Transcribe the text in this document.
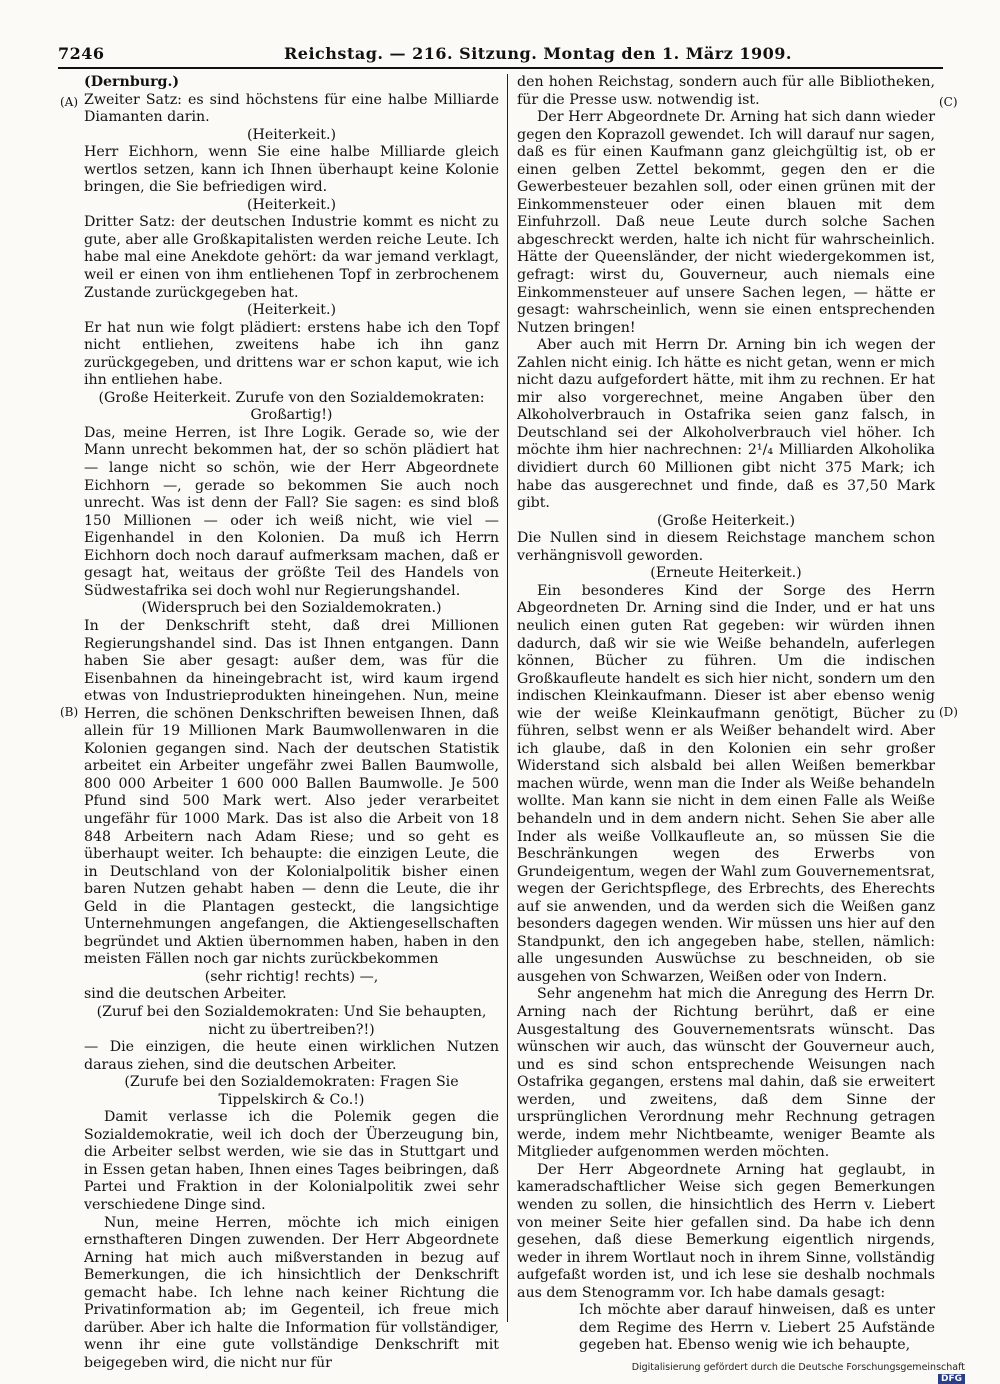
7246	Reichstag. — 216. Sitzung. Montag den 1. März 1909.
(A)
(B)
(C)
(D)

(Dernburg.)

Zweiter Satz: es sind höchstens für eine halbe Milliarde Diamanten darin.

(Heiterkeit.)

Herr Eichhorn, wenn Sie eine halbe Milliarde gleich wertlos setzen, kann ich Ihnen überhaupt keine Kolonie bringen, die Sie befriedigen wird.

(Heiterkeit.)

Dritter Satz: der deutschen Industrie kommt es nicht zu gute, aber alle Großkapitalisten werden reiche Leute. Ich habe mal eine Anekdote gehört: da war jemand verklagt, weil er einen von ihm entliehenen Topf in zerbrochenem Zustande zurückgegeben hat.

(Heiterkeit.)

Er hat nun wie folgt plädiert: erstens habe ich den Topf nicht entliehen, zweitens habe ich ihn ganz zurückgegeben, und drittens war er schon kaput, wie ich ihn entliehen habe.

(Große Heiterkeit. Zurufe von den Sozialdemokraten: Großartig!)

Das, meine Herren, ist Ihre Logik. Gerade so, wie der Mann unrecht bekommen hat, der so schön plädiert hat — lange nicht so schön, wie der Herr Abgeordnete Eichhorn —, gerade so bekommen Sie auch noch unrecht. Was ist denn der Fall? Sie sagen: es sind bloß 150 Millionen — oder ich weiß nicht, wie viel — Eigenhandel in den Kolonien. Da muß ich Herrn Eichhorn doch noch darauf aufmerksam machen, daß er gesagt hat, weitaus der größte Teil des Handels von Südwestafrika sei doch wohl nur Regierungshandel.

(Widerspruch bei den Sozialdemokraten.)

In der Denkschrift steht, daß drei Millionen Regierungshandel sind. Das ist Ihnen entgangen. Dann haben Sie aber gesagt: außer dem, was für die Eisenbahnen da hineingebracht ist, wird kaum irgend etwas von Industrieprodukten hineingehen. Nun, meine Herren, die schönen Denkschriften beweisen Ihnen, daß allein für 19 Millionen Mark Baumwollenwaren in die Kolonien gegangen sind. Nach der deutschen Statistik arbeitet ein Arbeiter ungefähr zwei Ballen Baumwolle, 800 000 Arbeiter 1 600 000 Ballen Baumwolle. Je 500 Pfund sind 500 Mark wert. Also jeder verarbeitet ungefähr für 1000 Mark. Das ist also die Arbeit von 18 848 Arbeitern nach Adam Riese; und so geht es überhaupt weiter. Ich behaupte: die einzigen Leute, die in Deutschland von der Kolonialpolitik bisher einen baren Nutzen gehabt haben — denn die Leute, die ihr Geld in die Plantagen gesteckt, die langsichtige Unternehmungen angefangen, die Aktiengesellschaften begründet und Aktien übernommen haben, haben in den meisten Fällen noch gar nichts zurückbekommen

(sehr richtig! rechts) —,

sind die deutschen Arbeiter.

(Zuruf bei den Sozialdemokraten: Und Sie behaupten, nicht zu übertreiben?!)

— Die einzigen, die heute einen wirklichen Nutzen daraus ziehen, sind die deutschen Arbeiter.

(Zurufe bei den Sozialdemokraten: Fragen Sie Tippelskirch & Co.!)

Damit verlasse ich die Polemik gegen die Sozialdemokratie, weil ich doch der Überzeugung bin, die Arbeiter selbst werden, wie sie das in Stuttgart und in Essen getan haben, Ihnen eines Tages beibringen, daß Partei und Fraktion in der Kolonialpolitik zwei sehr verschiedene Dinge sind.

Nun, meine Herren, möchte ich mich einigen ernsthafteren Dingen zuwenden. Der Herr Abgeordnete Arning hat mich auch mißverstanden in bezug auf Bemerkungen, die ich hinsichtlich der Denkschrift gemacht habe. Ich lehne nach keiner Richtung die Privatinformation ab; im Gegenteil, ich freue mich darüber. Aber ich halte die Information für vollständiger, wenn ihr eine gute vollständige Denkschrift mit beigegeben wird, die nicht nur für

den hohen Reichstag, sondern auch für alle Bibliotheken, für die Presse usw. notwendig ist.

Der Herr Abgeordnete Dr. Arning hat sich dann wieder gegen den Koprazoll gewendet. Ich will darauf nur sagen, daß es für einen Kaufmann ganz gleichgültig ist, ob er einen gelben Zettel bekommt, gegen den er die Gewerbesteuer bezahlen soll, oder einen grünen mit der Einkommensteuer oder einen blauen mit dem Einfuhrzoll. Daß neue Leute durch solche Sachen abgeschreckt werden, halte ich nicht für wahrscheinlich. Hätte der Queensländer, der nicht wiedergekommen ist, gefragt: wirst du, Gouverneur, auch niemals eine Einkommensteuer auf unsere Sachen legen, — hätte er gesagt: wahrscheinlich, wenn sie einen entsprechenden Nutzen bringen!

Aber auch mit Herrn Dr. Arning bin ich wegen der Zahlen nicht einig. Ich hätte es nicht getan, wenn er mich nicht dazu aufgefordert hätte, mit ihm zu rechnen. Er hat mir also vorgerechnet, meine Angaben über den Alkoholverbrauch in Ostafrika seien ganz falsch, in Deutschland sei der Alkoholverbrauch viel höher. Ich möchte ihm hier nachrechnen: 2¹/₄ Milliarden Alkoholika dividiert durch 60 Millionen gibt nicht 375 Mark; ich habe das ausgerechnet und finde, daß es 37,50 Mark gibt.

(Große Heiterkeit.)

Die Nullen sind in diesem Reichstage manchem schon verhängnisvoll geworden.

(Erneute Heiterkeit.)

Ein besonderes Kind der Sorge des Herrn Abgeordneten Dr. Arning sind die Inder, und er hat uns neulich einen guten Rat gegeben: wir würden ihnen dadurch, daß wir sie wie Weiße behandeln, auferlegen können, Bücher zu führen. Um die indischen Großkaufleute handelt es sich hier nicht, sondern um den indischen Kleinkaufmann. Dieser ist aber ebenso wenig wie der weiße Kleinkaufmann genötigt, Bücher zu führen, selbst wenn er als Weißer behandelt wird. Aber ich glaube, daß in den Kolonien ein sehr großer Widerstand sich alsbald bei allen Weißen bemerkbar machen würde, wenn man die Inder als Weiße behandeln wollte. Man kann sie nicht in dem einen Falle als Weiße behandeln und in dem andern nicht. Sehen Sie aber alle Inder als weiße Vollkaufleute an, so müssen Sie die Beschränkungen wegen des Erwerbs von Grundeigentum, wegen der Wahl zum Gouvernementsrat, wegen der Gerichtspflege, des Erbrechts, des Eherechts auf sie anwenden, und da werden sich die Weißen ganz besonders dagegen wenden. Wir müssen uns hier auf den Standpunkt, den ich angegeben habe, stellen, nämlich: alle ungesunden Auswüchse zu beschneiden, ob sie ausgehen von Schwarzen, Weißen oder von Indern.

Sehr angenehm hat mich die Anregung des Herrn Dr. Arning nach der Richtung berührt, daß er eine Ausgestaltung des Gouvernementsrats wünscht. Das wünschen wir auch, das wünscht der Gouverneur auch, und es sind schon entsprechende Weisungen nach Ostafrika gegangen, erstens mal dahin, daß sie erweitert werden, und zweitens, daß dem Sinne der ursprünglichen Verordnung mehr Rechnung getragen werde, indem mehr Nichtbeamte, weniger Beamte als Mitglieder aufgenommen werden möchten.

Der Herr Abgeordnete Arning hat geglaubt, in kameradschaftlicher Weise sich gegen Bemerkungen wenden zu sollen, die hinsichtlich des Herrn v. Liebert von meiner Seite hier gefallen sind. Da habe ich denn gesehen, daß diese Bemerkung eigentlich nirgends, weder in ihrem Wortlaut noch in ihrem Sinne, vollständig aufgefaßt worden ist, und ich lese sie deshalb nochmals aus dem Stenogramm vor. Ich habe damals gesagt:

Ich möchte aber darauf hinweisen, daß es unter dem Regime des Herrn v. Liebert 25 Aufstände gegeben hat. Ebenso wenig wie ich behaupte,

Digitalisierung gefördert durch die Deutsche Forschungsgemeinschaft DFG
